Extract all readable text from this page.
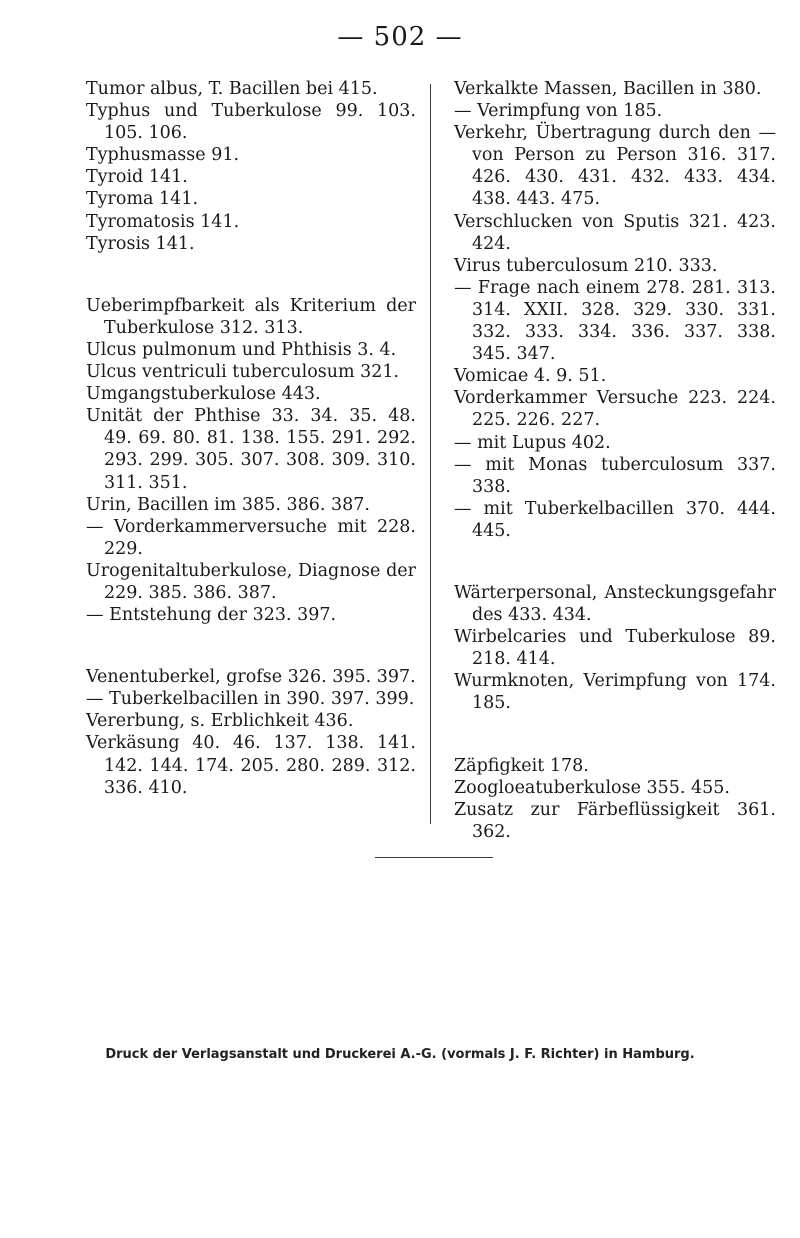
— 502 —
Tumor albus, T. Bacillen bei 415.
Typhus und Tuberkulose 99. 103. 105. 106.
Typhusmasse 91.
Tyroid 141.
Tyroma 141.
Tyromatosis 141.
Tyrosis 141.
Ueberimpfbarkeit als Kriterium der Tuberkulose 312. 313.
Ulcus pulmonum und Phthisis 3. 4.
Ulcus ventriculi tuberculosum 321.
Umgangstuberkulose 443.
Unität der Phthise 33. 34. 35. 48. 49. 69. 80. 81. 138. 155. 291. 292. 293. 299. 305. 307. 308. 309. 310. 311. 351.
Urin, Bacillen im 385. 386. 387.
— Vorderkammerversuche mit 228. 229.
Urogenitaltuberkulose, Diagnose der 229. 385. 386. 387.
— Entstehung der 323. 397.
Venentuberkel, grofse 326. 395. 397.
— Tuberkelbacillen in 390. 397. 399.
Vererbung, s. Erblichkeit 436.
Verkäsung 40. 46. 137. 138. 141. 142. 144. 174. 205. 280. 289. 312. 336. 410.
Verkalkte Massen, Bacillen in 380.
— Verimpfung von 185.
Verkehr, Übertragung durch den — von Person zu Person 316. 317. 426. 430. 431. 432. 433. 434. 438. 443. 475.
Verschlucken von Sputis 321. 423. 424.
Virus tuberculosum 210. 333.
— Frage nach einem 278. 281. 313. 314. XXII. 328. 329. 330. 331. 332. 333. 334. 336. 337. 338. 345. 347.
Vomicae 4. 9. 51.
Vorderkammer Versuche 223. 224. 225. 226. 227.
— mit Lupus 402.
— mit Monas tuberculosum 337. 338.
— mit Tuberkelbacillen 370. 444. 445.
Wärterpersonal, Ansteckungsgefahr des 433. 434.
Wirbelcaries und Tuberkulose 89. 218. 414.
Wurmknoten, Verimpfung von 174. 185.
Zäpfigkeit 178.
Zoogloeatuberkulose 355. 455.
Zusatz zur Färbeflüssigkeit 361. 362.
Druck der Verlagsanstalt und Druckerei A.-G. (vormals J. F. Richter) in Hamburg.
